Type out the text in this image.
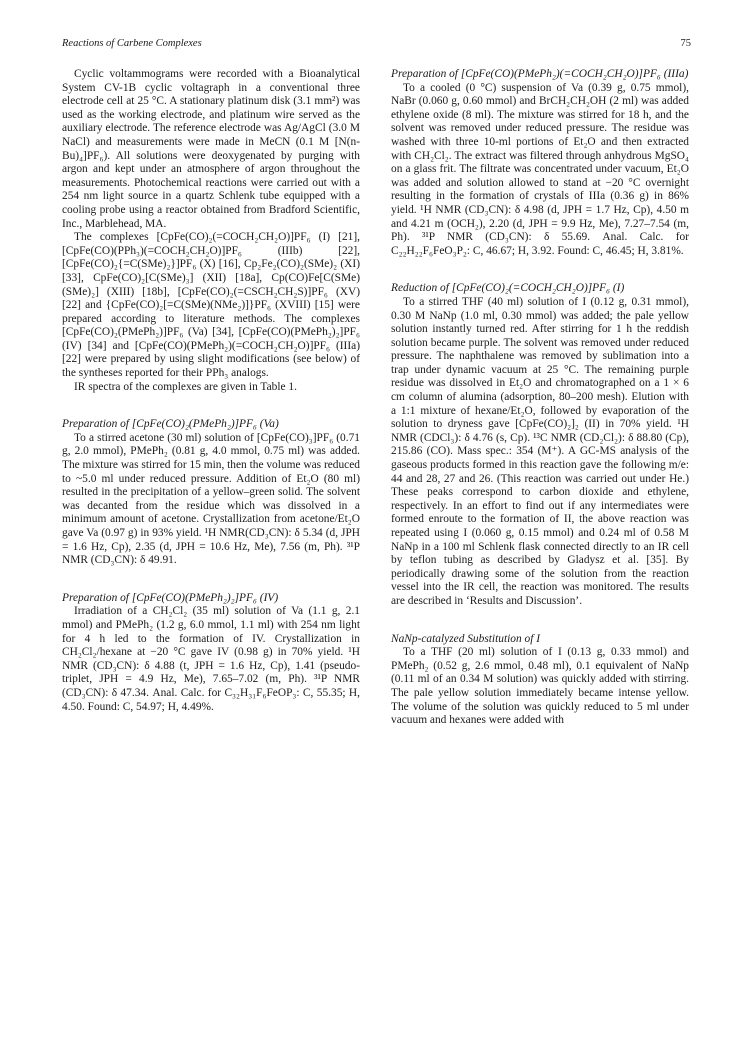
Reactions of Carbene Complexes	75

Cyclic voltammograms were recorded with a Bioanalytical System CV-1B cyclic voltagraph in a conventional three electrode cell at 25 °C. A stationary platinum disk (3.1 mm²) was used as the working electrode, and platinum wire served as the auxiliary electrode. The reference electrode was Ag/AgCl (3.0 M NaCl) and measurements were made in MeCN (0.1 M [N(n-Bu)₄]PF₆). All solutions were deoxygenated by purging with argon and kept under an atmosphere of argon throughout the measurements. Photochemical reactions were carried out with a 254 nm light source in a quartz Schlenk tube equipped with a cooling probe using a reactor obtained from Bradford Scientific, Inc., Marblehead, MA.

The complexes [CpFe(CO)₂(=COCH₂CH₂O)]PF₆ (I) [21], [CpFe(CO)(PPh₃)(=COCH₂CH₂O)]PF₆ (IIIb) [22], [CpFe(CO)₂{=C(SMe)₂}]PF₆ (X) [16], Cp₂Fe₂(CO)₂(SMe)₂ (XI) [33], CpFe(CO)₂[C(SMe)₃] (XII) [18a], Cp(CO)Fe[C(SMe)(SMe)₂] (XIII) [18b], [CpFe(CO)₂(=CSCH₂CH₂S)]PF₆ (XV) [22] and {CpFe(CO)₂[=C(SMe)(NMe₂)]}PF₆ (XVIII) [15] were prepared according to literature methods. The complexes [CpFe(CO)₂(PMePh₂)]PF₆ (Va) [34], [CpFe(CO)(PMePh₂)₂]PF₆ (IV) [34] and [CpFe(CO)(PMePh₂)(=COCH₂CH₂O)]PF₆ (IIIa) [22] were prepared by using slight modifications (see below) of the syntheses reported for their PPh₃ analogs.

IR spectra of the complexes are given in Table 1.

Preparation of [CpFe(CO)₂(PMePh₂)]PF₆ (Va)

To a stirred acetone (30 ml) solution of [CpFe(CO)₃]PF₆ (0.71 g, 2.0 mmol), PMePh₂ (0.81 g, 4.0 mmol, 0.75 ml) was added. The mixture was stirred for 15 min, then the volume was reduced to ~5.0 ml under reduced pressure. Addition of Et₂O (80 ml) resulted in the precipitation of a yellow–green solid. The solvent was decanted from the residue which was dissolved in a minimum amount of acetone. Crystallization from acetone/Et₂O gave Va (0.97 g) in 93% yield. ¹H NMR(CD₃CN): δ 5.34 (d, JPH = 1.6 Hz, Cp), 2.35 (d, JPH = 10.6 Hz, Me), 7.56 (m, Ph). ³¹P NMR (CD₃CN): δ 49.91.

Preparation of [CpFe(CO)(PMePh₂)₂]PF₆ (IV)

Irradiation of a CH₂Cl₂ (35 ml) solution of Va (1.1 g, 2.1 mmol) and PMePh₂ (1.2 g, 6.0 mmol, 1.1 ml) with 254 nm light for 4 h led to the formation of IV. Crystallization in CH₂Cl₂/hexane at −20 °C gave IV (0.98 g) in 70% yield. ¹H NMR (CD₃CN): δ 4.88 (t, JPH = 1.6 Hz, Cp), 1.41 (pseudo-triplet, JPH = 4.9 Hz, Me), 7.65–7.02 (m, Ph). ³¹P NMR (CD₃CN): δ 47.34. Anal. Calc. for C₃₂H₃₁F₆FeOP₃: C, 55.35; H, 4.50. Found: C, 54.97; H, 4.49%.

Preparation of [CpFe(CO)(PMePh₂)(=COCH₂CH₂O)]PF₆ (IIIa)

To a cooled (0 °C) suspension of Va (0.39 g, 0.75 mmol), NaBr (0.060 g, 0.60 mmol) and BrCH₂CH₂OH (2 ml) was added ethylene oxide (8 ml). The mixture was stirred for 18 h, and the solvent was removed under reduced pressure. The residue was washed with three 10-ml portions of Et₂O and then extracted with CH₂Cl₂. The extract was filtered through anhydrous MgSO₄ on a glass frit. The filtrate was concentrated under vacuum, Et₂O was added and solution allowed to stand at −20 °C overnight resulting in the formation of crystals of IIIa (0.36 g) in 86% yield. ¹H NMR (CD₃CN): δ 4.98 (d, JPH = 1.7 Hz, Cp), 4.50 m and 4.21 m (OCH₂), 2.20 (d, JPH = 9.9 Hz, Me), 7.27–7.54 (m, Ph). ³¹P NMR (CD₃CN): δ 55.69. Anal. Calc. for C₂₂H₂₂F₆FeO₃P₂: C, 46.67; H, 3.92. Found: C, 46.45; H, 3.81%.

Reduction of [CpFe(CO)₂(=COCH₂CH₂O)]PF₆ (I)

To a stirred THF (40 ml) solution of I (0.12 g, 0.31 mmol), 0.30 M NaNp (1.0 ml, 0.30 mmol) was added; the pale yellow solution instantly turned red. After stirring for 1 h the reddish solution became purple. The solvent was removed under reduced pressure. The naphthalene was removed by sublimation into a trap under dynamic vacuum at 25 °C. The remaining purple residue was dissolved in Et₂O and chromatographed on a 1 × 6 cm column of alumina (adsorption, 80–200 mesh). Elution with a 1:1 mixture of hexane/Et₂O, followed by evaporation of the solution to dryness gave [CpFe(CO)₂]₂ (II) in 70% yield. ¹H NMR (CDCl₃): δ 4.76 (s, Cp). ¹³C NMR (CD₂Cl₂): δ 88.80 (Cp), 215.86 (CO). Mass spec.: 354 (M⁺). A GC-MS analysis of the gaseous products formed in this reaction gave the following m/e: 44 and 28, 27 and 26. (This reaction was carried out under He.) These peaks correspond to carbon dioxide and ethylene, respectively. In an effort to find out if any intermediates were formed enroute to the formation of II, the above reaction was repeated using I (0.060 g, 0.15 mmol) and 0.24 ml of 0.58 M NaNp in a 100 ml Schlenk flask connected directly to an IR cell by teflon tubing as described by Gladysz et al. [35]. By periodically drawing some of the solution from the reaction vessel into the IR cell, the reaction was monitored. The results are described in ‘Results and Discussion’.

NaNp-catalyzed Substitution of I

To a THF (20 ml) solution of I (0.13 g, 0.33 mmol) and PMePh₂ (0.52 g, 2.6 mmol, 0.48 ml), 0.1 equivalent of NaNp (0.11 ml of an 0.34 M solution) was quickly added with stirring. The pale yellow solution immediately became intense yellow. The volume of the solution was quickly reduced to 5 ml under vacuum and hexanes were added with
